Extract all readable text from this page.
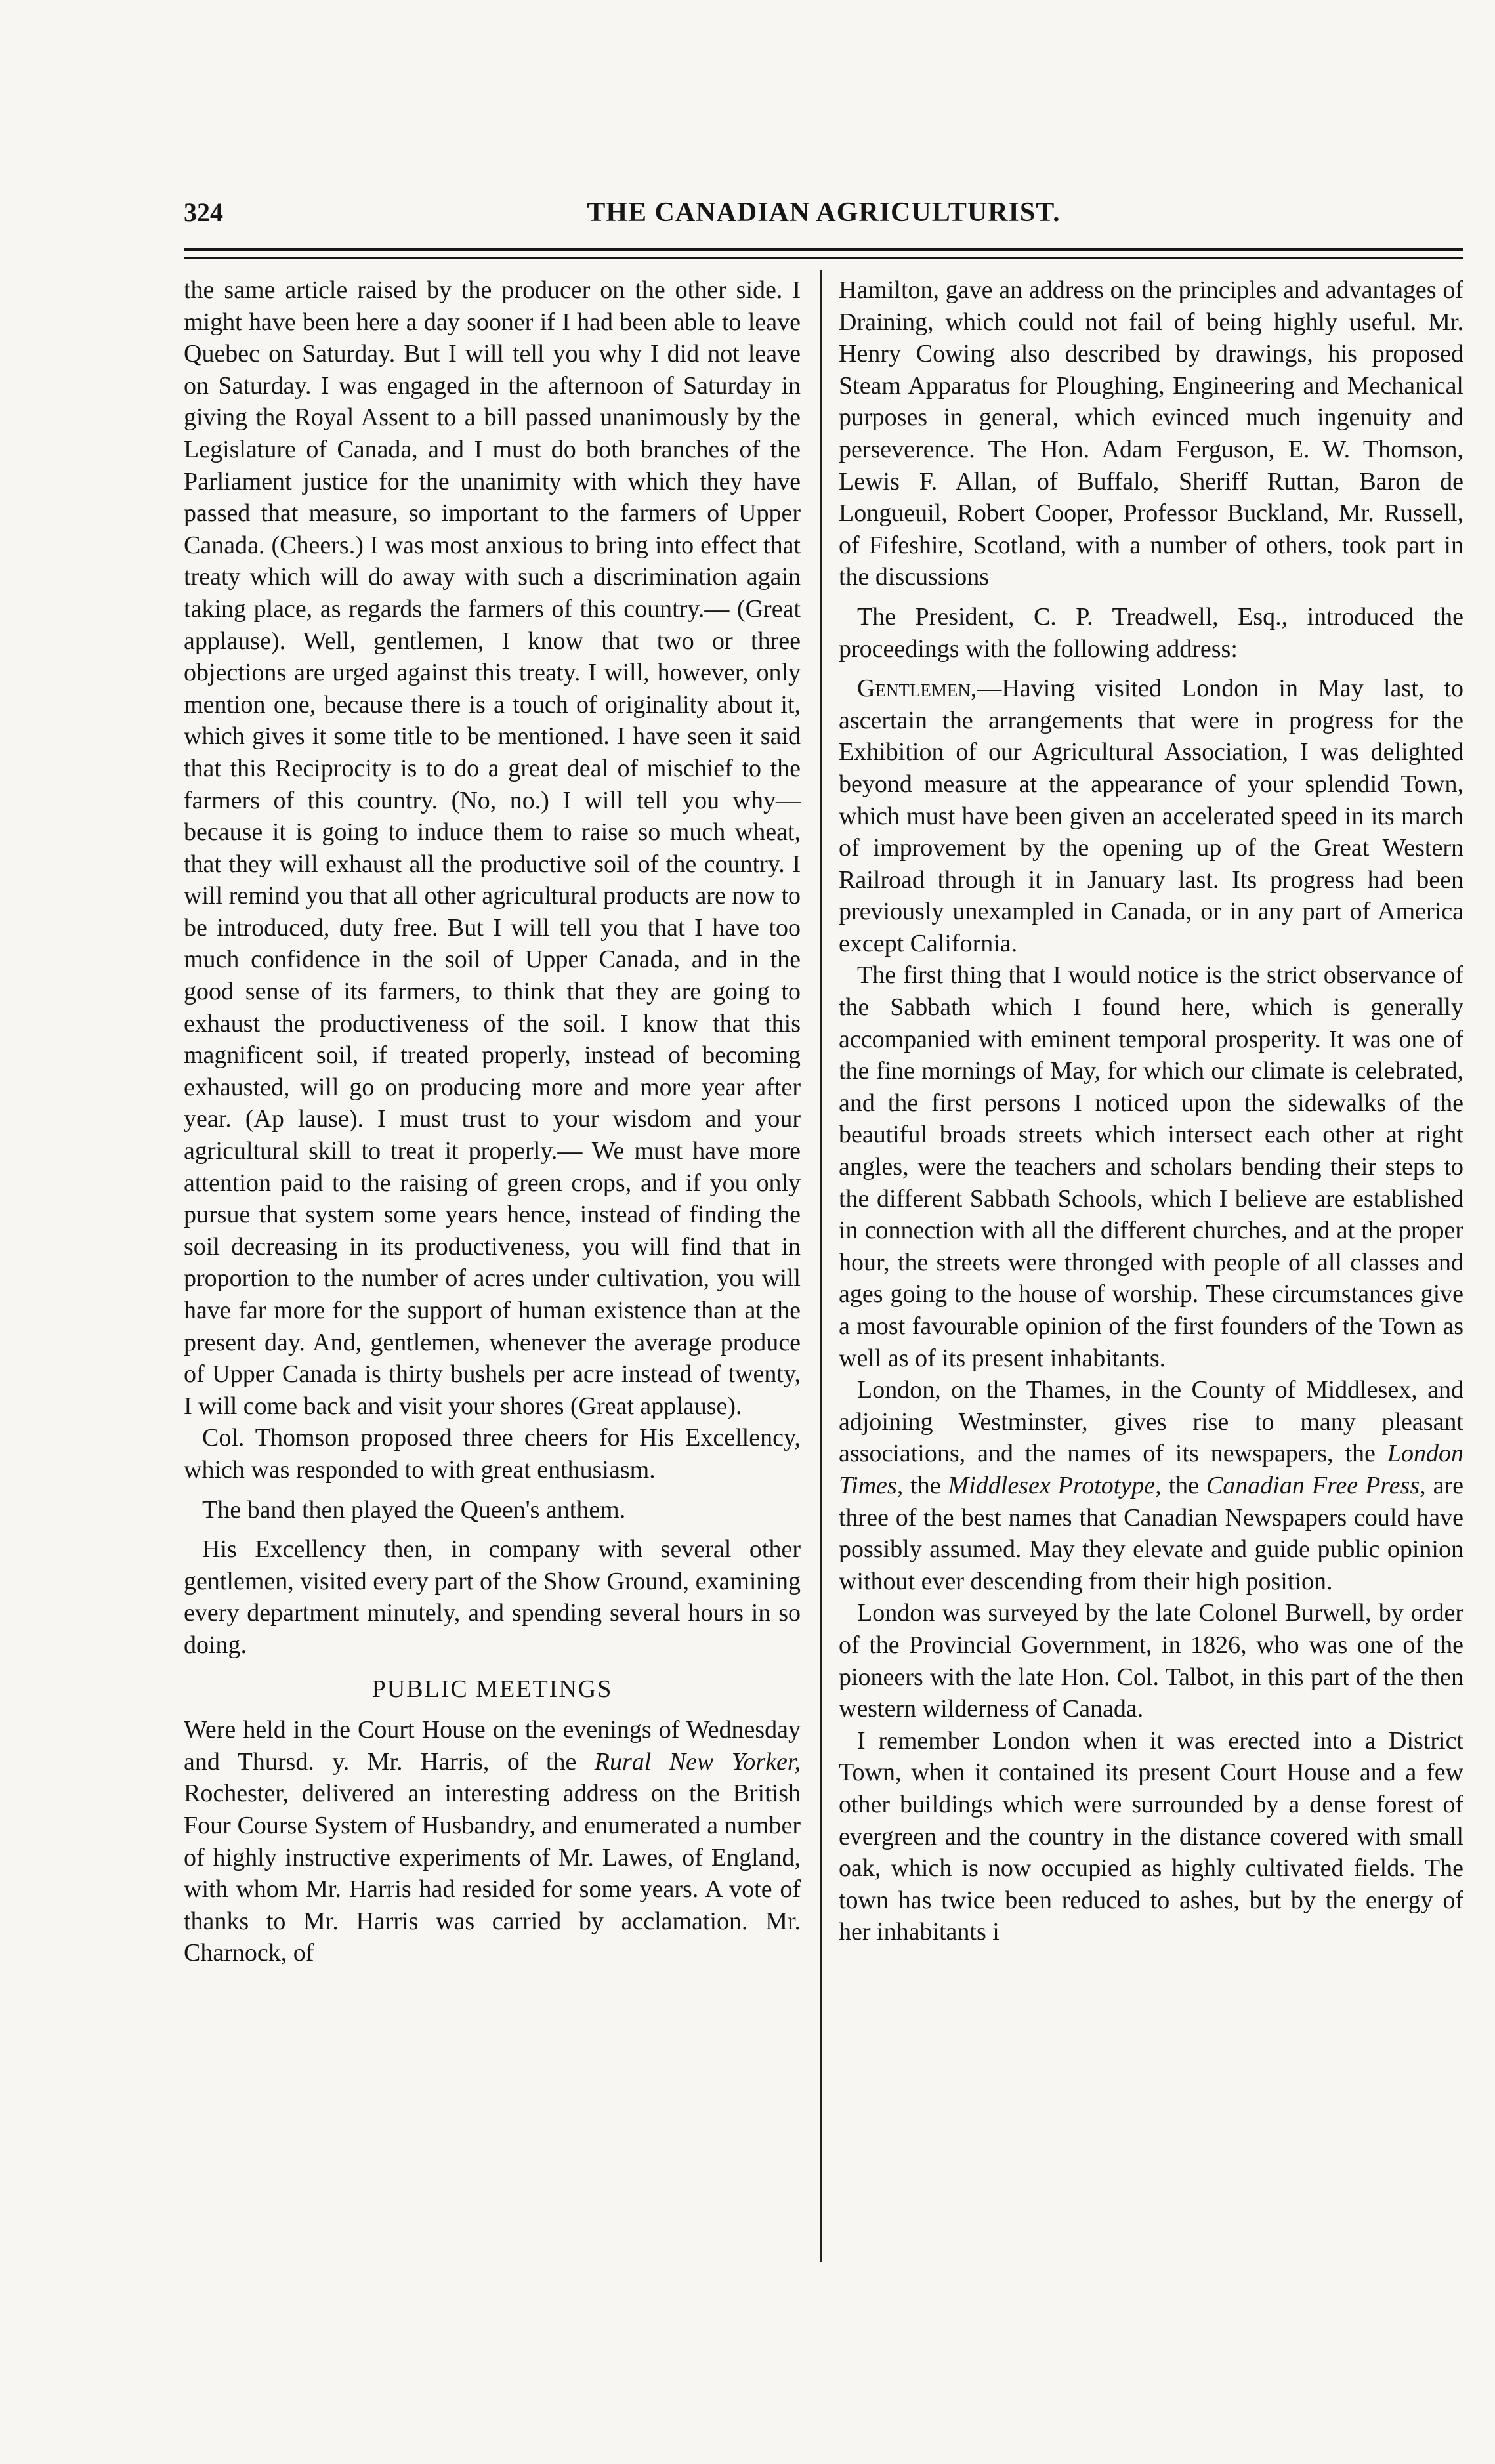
324	THE CANADIAN AGRICULTURIST.

the same article raised by the producer on the other side. I might have been here a day sooner if I had been able to leave Quebec on Saturday. But I will tell you why I did not leave on Saturday. I was engaged in the afternoon of Saturday in giving the Royal Assent to a bill passed unanimously by the Legislature of Canada, and I must do both branches of the Parliament justice for the unanimity with which they have passed that measure, so important to the farmers of Upper Canada. (Cheers.) I was most anxious to bring into effect that treaty which will do away with such a discrimination again taking place, as regards the farmers of this country.— (Great applause). Well, gentlemen, I know that two or three objections are urged against this treaty. I will, however, only mention one, because there is a touch of originality about it, which gives it some title to be mentioned. I have seen it said that this Reciprocity is to do a great deal of mischief to the farmers of this country. (No, no.) I will tell you why—because it is going to induce them to raise so much wheat, that they will exhaust all the productive soil of the country. I will remind you that all other agricultural products are now to be introduced, duty free. But I will tell you that I have too much confidence in the soil of Upper Canada, and in the good sense of its farmers, to think that they are going to exhaust the productiveness of the soil. I know that this magnificent soil, if treated properly, instead of becoming exhausted, will go on producing more and more year after year. (Ap lause). I must trust to your wisdom and your agricultural skill to treat it properly.— We must have more attention paid to the raising of green crops, and if you only pursue that system some years hence, instead of finding the soil decreasing in its productiveness, you will find that in proportion to the number of acres under cultivation, you will have far more for the support of human existence than at the present day. And, gentlemen, whenever the average produce of Upper Canada is thirty bushels per acre instead of twenty, I will come back and visit your shores (Great applause).

Col. Thomson proposed three cheers for His Excellency, which was responded to with great enthusiasm.

The band then played the Queen's anthem.

His Excellency then, in company with several other gentlemen, visited every part of the Show Ground, examining every department minutely, and spending several hours in so doing.

PUBLIC MEETINGS

Were held in the Court House on the evenings of Wednesday and Thursd. y. Mr. Harris, of the Rural New Yorker, Rochester, delivered an interesting address on the British Four Course System of Husbandry, and enumerated a number of highly instructive experiments of Mr. Lawes, of England, with whom Mr. Harris had resided for some years. A vote of thanks to Mr. Harris was carried by acclamation. Mr. Charnock, of

Hamilton, gave an address on the principles and advantages of Draining, which could not fail of being highly useful. Mr. Henry Cowing also described by drawings, his proposed Steam Apparatus for Ploughing, Engineering and Mechanical purposes in general, which evinced much ingenuity and perseverence. The Hon. Adam Ferguson, E. W. Thomson, Lewis F. Allan, of Buffalo, Sheriff Ruttan, Baron de Longueuil, Robert Cooper, Professor Buckland, Mr. Russell, of Fifeshire, Scotland, with a number of others, took part in the discussions

The President, C. P. Treadwell, Esq., introduced the proceedings with the following address:

Gentlemen,—Having visited London in May last, to ascertain the arrangements that were in progress for the Exhibition of our Agricultural Association, I was delighted beyond measure at the appearance of your splendid Town, which must have been given an accelerated speed in its march of improvement by the opening up of the Great Western Railroad through it in January last. Its progress had been previously unexampled in Canada, or in any part of America except California.

The first thing that I would notice is the strict observance of the Sabbath which I found here, which is generally accompanied with eminent temporal prosperity. It was one of the fine mornings of May, for which our climate is celebrated, and the first persons I noticed upon the sidewalks of the beautiful broads streets which intersect each other at right angles, were the teachers and scholars bending their steps to the different Sabbath Schools, which I believe are established in connection with all the different churches, and at the proper hour, the streets were thronged with people of all classes and ages going to the house of worship. These circumstances give a most favourable opinion of the first founders of the Town as well as of its present inhabitants.

London, on the Thames, in the County of Middlesex, and adjoining Westminster, gives rise to many pleasant associations, and the names of its newspapers, the London Times, the Middlesex Prototype, the Canadian Free Press, are three of the best names that Canadian Newspapers could have possibly assumed. May they elevate and guide public opinion without ever descending from their high position.

London was surveyed by the late Colonel Burwell, by order of the Provincial Government, in 1826, who was one of the pioneers with the late Hon. Col. Talbot, in this part of the then western wilderness of Canada.

I remember London when it was erected into a District Town, when it contained its present Court House and a few other buildings which were surrounded by a dense forest of evergreen and the country in the distance covered with small oak, which is now occupied as highly cultivated fields. The town has twice been reduced to ashes, but by the energy of her inhabitants i
